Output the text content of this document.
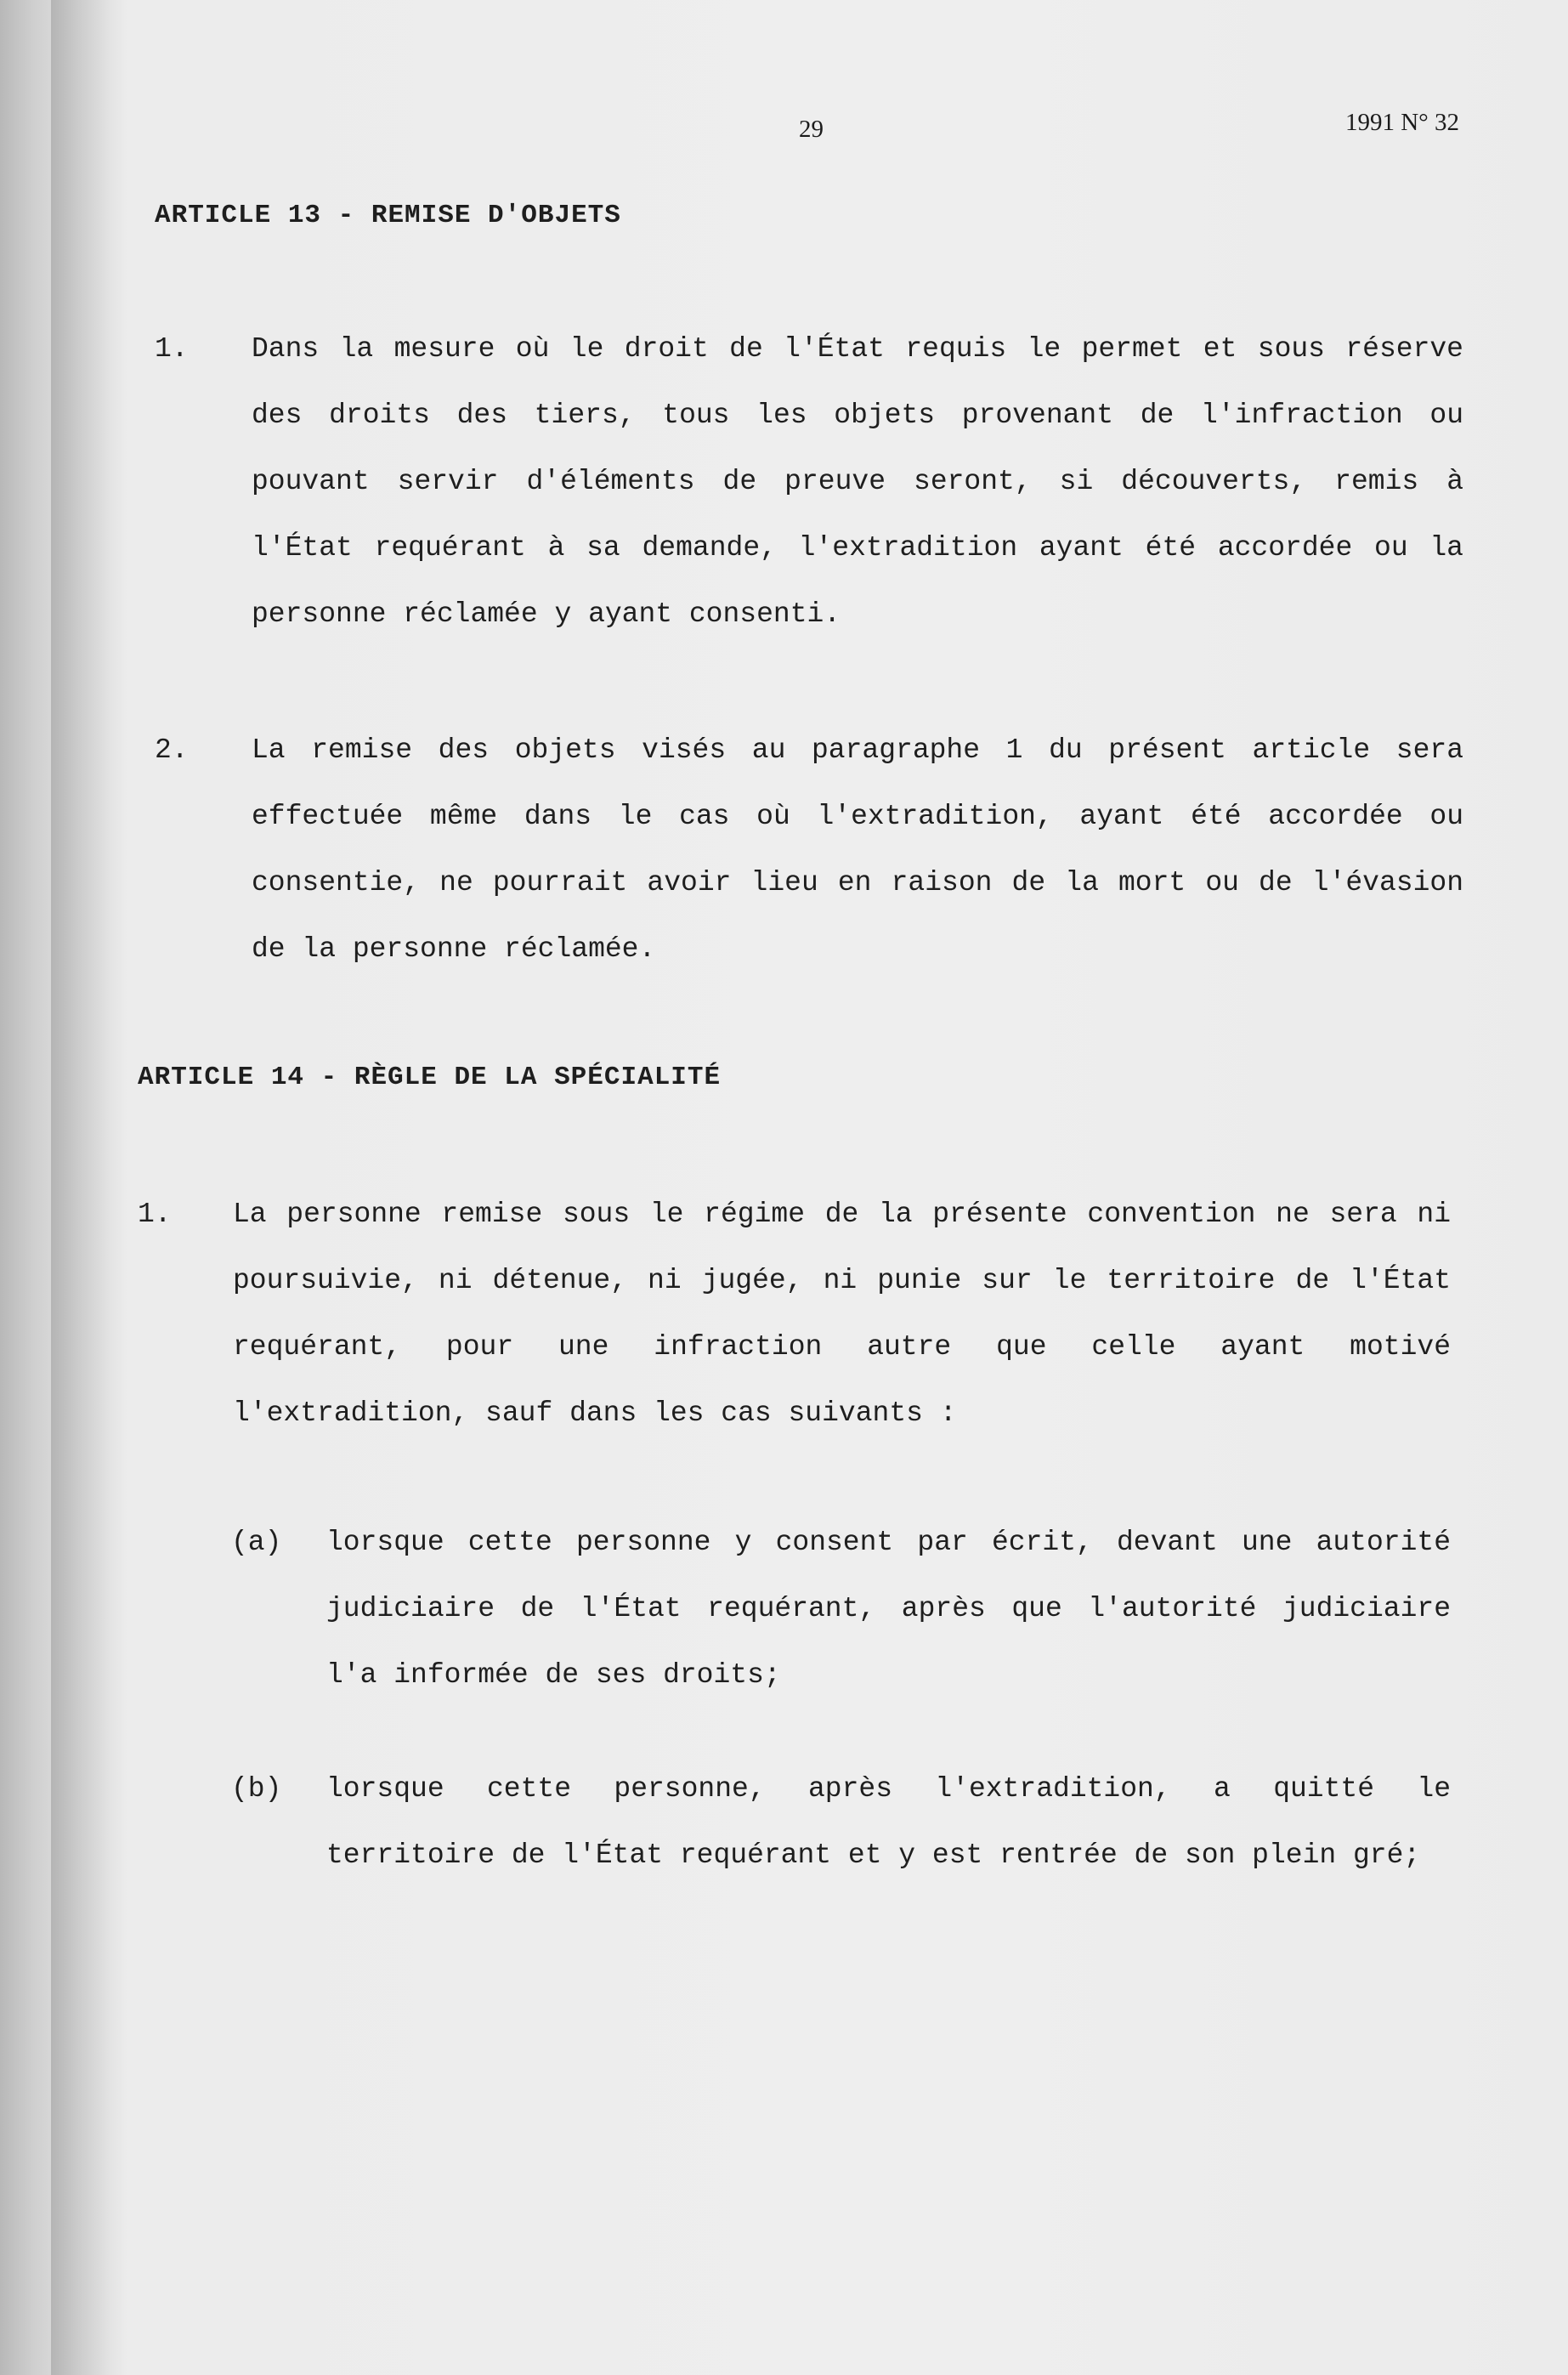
29	1991 N° 32
ARTICLE 13 - REMISE D'OBJETS
1.	Dans la mesure où le droit de l'État requis le permet et sous réserve des droits des tiers, tous les objets provenant de l'infraction ou pouvant servir d'éléments de preuve seront, si découverts, remis à l'État requérant à sa demande, l'extradition ayant été accordée ou la personne réclamée y ayant consenti.
2.	La remise des objets visés au paragraphe 1 du présent article sera effectuée même dans le cas où l'extradition, ayant été accordée ou consentie, ne pourrait avoir lieu en raison de la mort ou de l'évasion de la personne réclamée.
ARTICLE 14 - RÈGLE DE LA SPÉCIALITÉ
1.	La personne remise sous le régime de la présente convention ne sera ni poursuivie, ni détenue, ni jugée, ni punie sur le territoire de l'État requérant, pour une infraction autre que celle ayant motivé l'extradition, sauf dans les cas suivants :
(a) lorsque cette personne y consent par écrit, devant une autorité judiciaire de l'État requérant, après que l'autorité judiciaire l'a informée de ses droits;
(b) lorsque cette personne, après l'extradition, a quitté le territoire de l'État requérant et y est rentrée de son plein gré;
